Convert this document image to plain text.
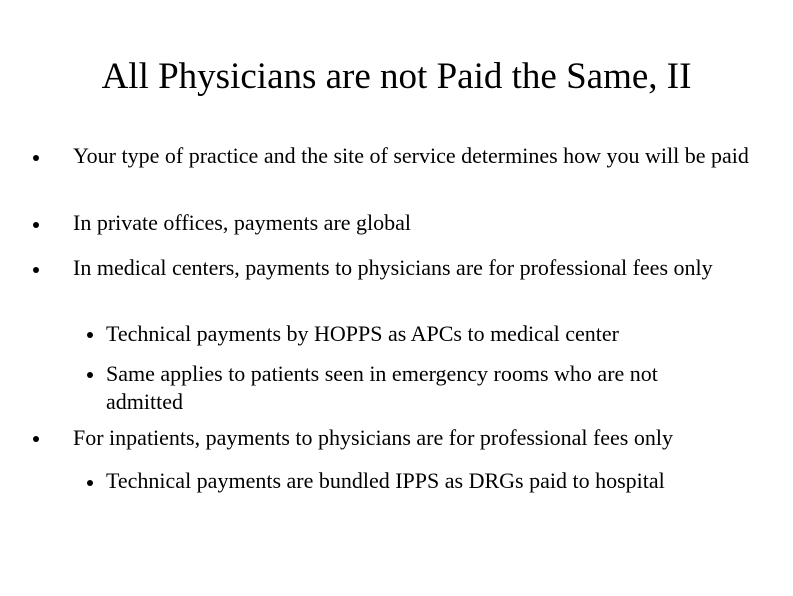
All Physicians are not Paid the Same, II
Your type of practice and the site of service determines how you will be paid
In private offices, payments are global
In medical centers, payments to physicians are for professional fees only
Technical payments by HOPPS as APCs to medical center
Same applies to patients seen in emergency rooms who are not admitted
For inpatients, payments to physicians are for professional fees only
Technical payments are bundled IPPS as DRGs paid to hospital
